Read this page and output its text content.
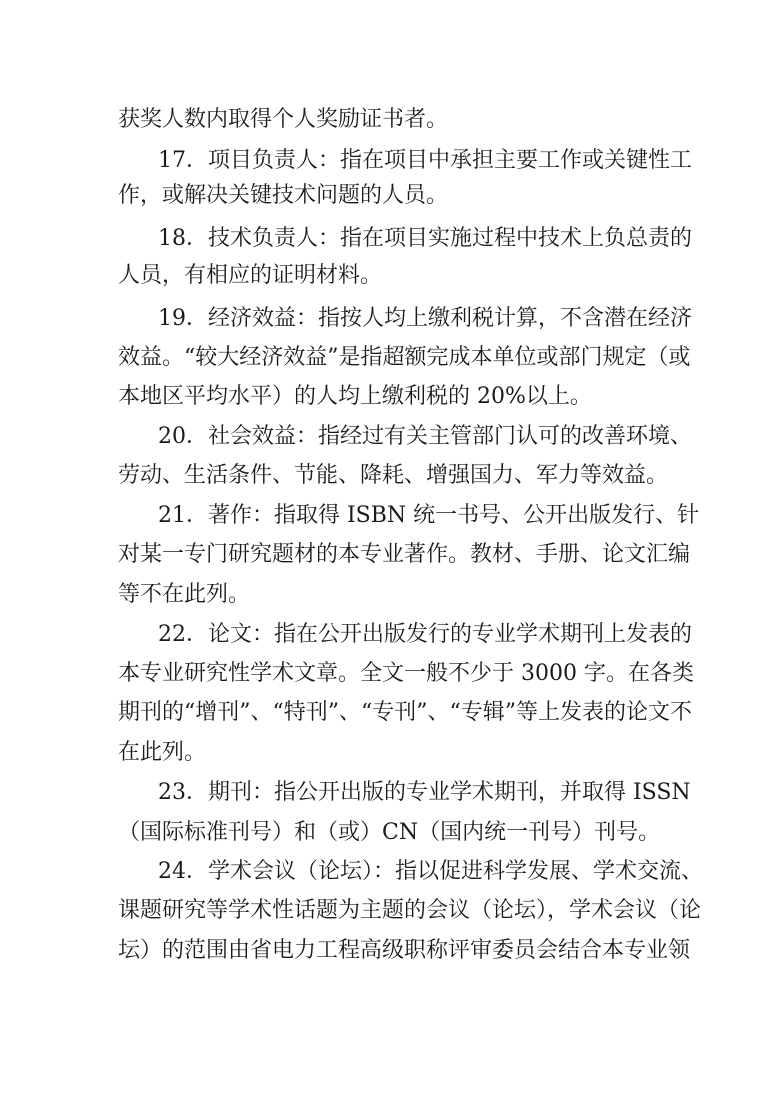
获奖人数内取得个人奖励证书者。
17．项目负责人：指在项目中承担主要工作或关键性工
作，或解决关键技术问题的人员。
18．技术负责人：指在项目实施过程中技术上负总责的
人员，有相应的证明材料。
19．经济效益：指按人均上缴利税计算，不含潜在经济
效益。“较大经济效益”是指超额完成本单位或部门规定（或
本地区平均水平）的人均上缴利税的 20%以上。
20．社会效益：指经过有关主管部门认可的改善环境、
劳动、生活条件、节能、降耗、增强国力、军力等效益。
21．著作：指取得 ISBN 统一书号、公开出版发行、针
对某一专门研究题材的本专业著作。教材、手册、论文汇编
等不在此列。
22．论文：指在公开出版发行的专业学术期刊上发表的
本专业研究性学术文章。全文一般不少于 3000 字。在各类
期刊的“增刊”、“特刊”、“专刊”、“专辑”等上发表的论文不
在此列。
23．期刊：指公开出版的专业学术期刊，并取得 ISSN
（国际标准刊号）和（或）CN（国内统一刊号）刊号。
24．学术会议（论坛）：指以促进科学发展、学术交流、
课题研究等学术性话题为主题的会议（论坛），学术会议（论
坛）的范围由省电力工程高级职称评审委员会结合本专业领
